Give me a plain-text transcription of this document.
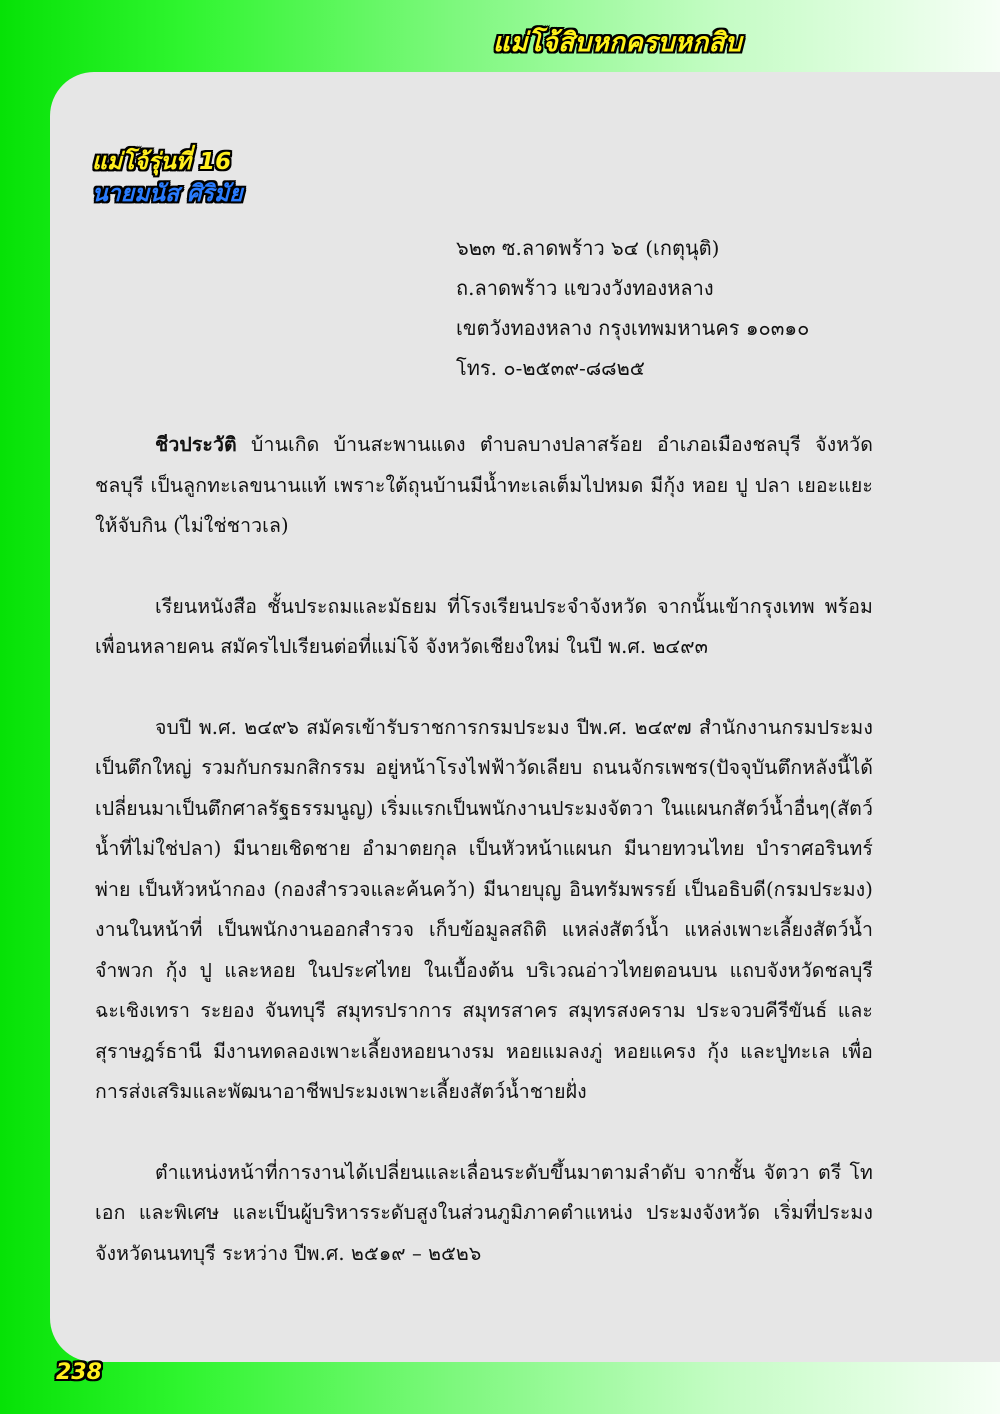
แม่โจ้สิบหกครบหกสิบ
แม่โจ้รุ่นที่ 16
นายมนัส ศิริมัย
๖๒๓ ซ.ลาดพร้าว ๖๔ (เกตุนุติ)
ถ.ลาดพร้าว แขวงวังทองหลาง
เขตวังทองหลาง กรุงเทพมหานคร ๑๐๓๑๐
โทร. ๐-๒๕๓๙-๘๘๒๕

ชีวประวัติ บ้านเกิด บ้านสะพานแดง ตำบลบางปลาสร้อย อำเภอเมืองชลบุรี จังหวัดชลบุรี เป็นลูกทะเลขนานแท้ เพราะใต้ถุนบ้านมีน้ำทะเลเต็มไปหมด มีกุ้ง หอย ปู ปลา เยอะแยะให้จับกิน (ไม่ใช่ชาวเล)

เรียนหนังสือ ชั้นประถมและมัธยม ที่โรงเรียนประจำจังหวัด จากนั้นเข้ากรุงเทพ พร้อมเพื่อนหลายคน สมัครไปเรียนต่อที่แม่โจ้ จังหวัดเชียงใหม่ ในปี พ.ศ. ๒๔๙๓

จบปี พ.ศ. ๒๔๙๖ สมัครเข้ารับราชการกรมประมง ปีพ.ศ. ๒๔๙๗ สำนักงานกรมประมงเป็นตึกใหญ่ รวมกับกรมกสิกรรม อยู่หน้าโรงไฟฟ้าวัดเลียบ ถนนจักรเพชร(ปัจจุบันตึกหลังนี้ได้เปลี่ยนมาเป็นตึกศาลรัฐธรรมนูญ) เริ่มแรกเป็นพนักงานประมงจัตวา ในแผนกสัตว์น้ำอื่นๆ(สัตว์น้ำที่ไม่ใช่ปลา) มีนายเชิดชาย อำมาตยกุล เป็นหัวหน้าแผนก มีนายทวนไทย บำราศอรินทร์พ่าย เป็นหัวหน้ากอง (กองสำรวจและค้นคว้า) มีนายบุญ อินทรัมพรรย์ เป็นอธิบดี(กรมประมง) งานในหน้าที่ เป็นพนักงานออกสำรวจ เก็บข้อมูลสถิติ แหล่งสัตว์น้ำ แหล่งเพาะเลี้ยงสัตว์น้ำ จำพวก กุ้ง ปู และหอย ในประศไทย ในเบื้องต้น บริเวณอ่าวไทยตอนบน แถบจังหวัดชลบุรี ฉะเชิงเทรา ระยอง จันทบุรี สมุทรปราการ สมุทรสาคร สมุทรสงคราม ประจวบคีรีขันธ์ และสุราษฎร์ธานี มีงานทดลองเพาะเลี้ยงหอยนางรม หอยแมลงภู่ หอยแครง กุ้ง และปูทะเล เพื่อการส่งเสริมและพัฒนาอาชีพประมงเพาะเลี้ยงสัตว์น้ำชายฝั่ง

ตำแหน่งหน้าที่การงานได้เปลี่ยนและเลื่อนระดับขึ้นมาตามลำดับ จากชั้น จัตวา ตรี โท เอก และพิเศษ และเป็นผู้บริหารระดับสูงในส่วนภูมิภาคตำแหน่ง ประมงจังหวัด เริ่มที่ประมงจังหวัดนนทบุรี ระหว่าง ปีพ.ศ. ๒๕๑๙ – ๒๕๒๖

238
